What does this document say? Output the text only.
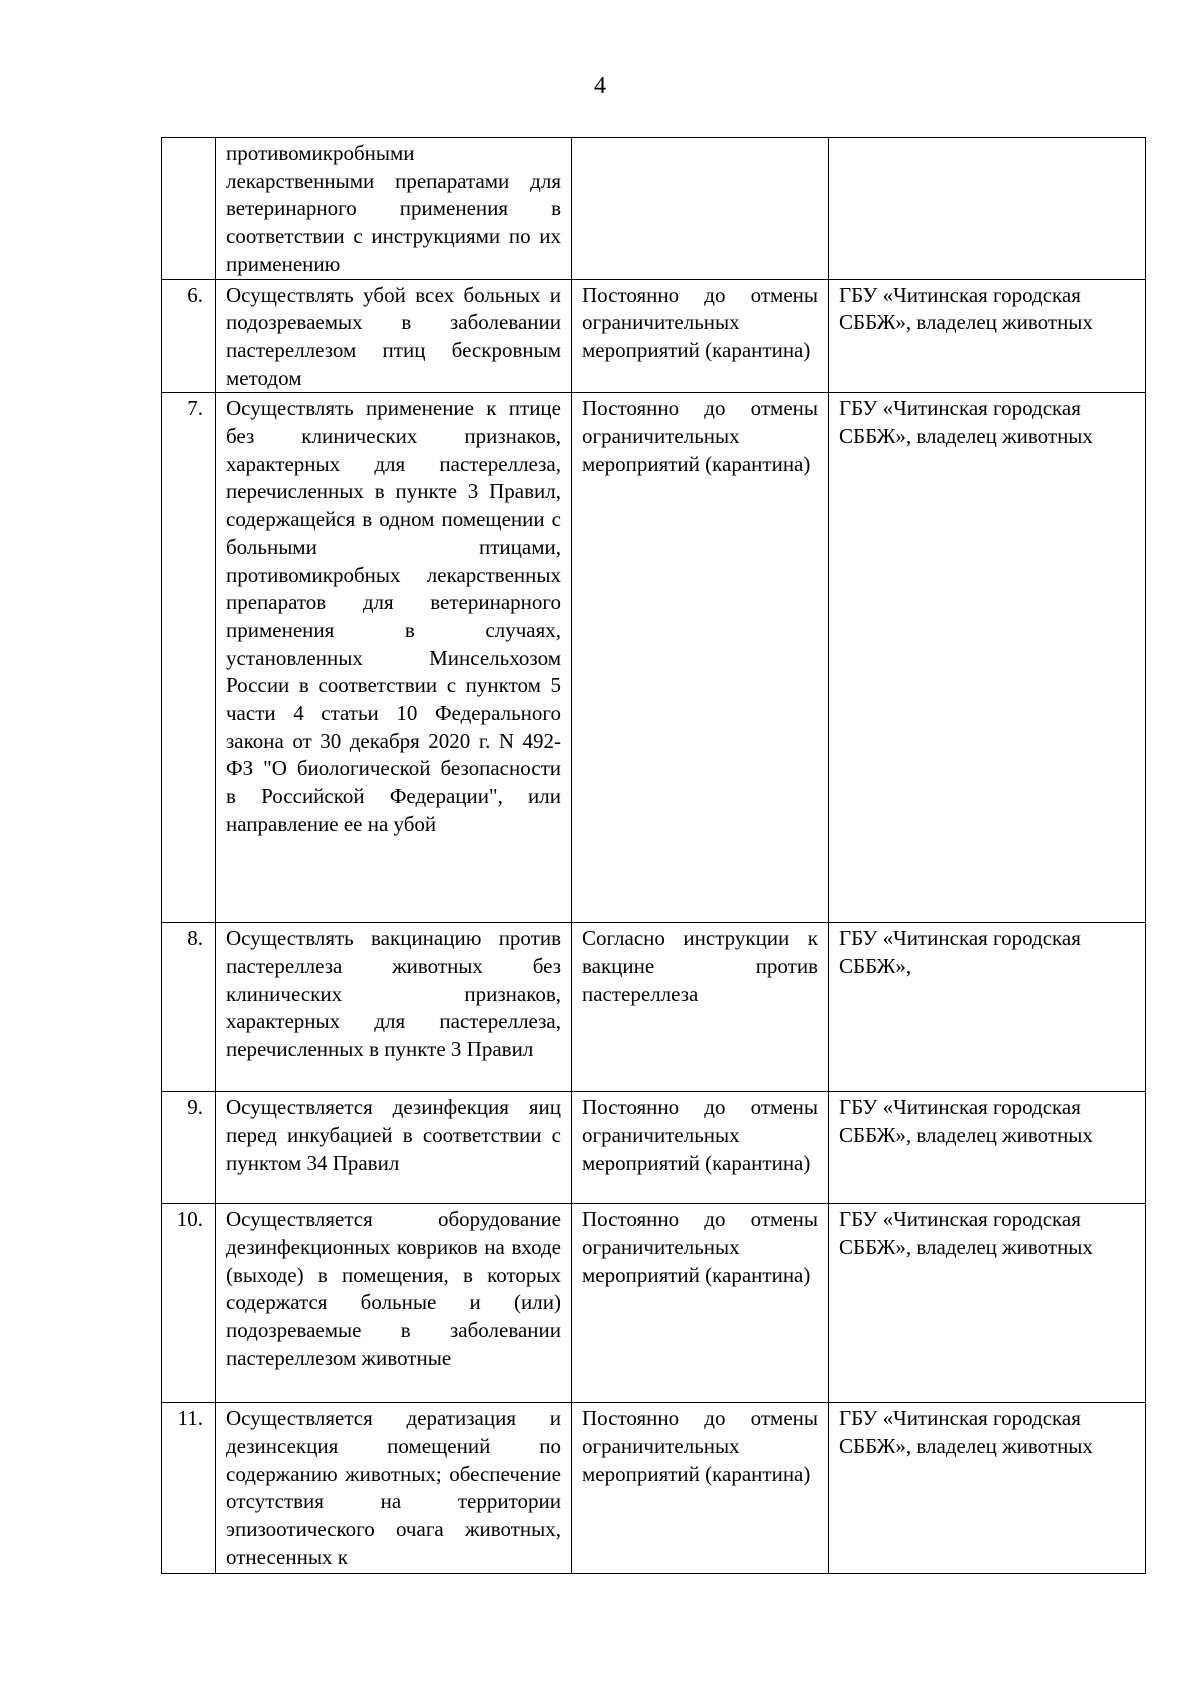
4
	противомикробными лекарственными препаратами для ветеринарного применения в соответствии с инструкциями по их применению		
6.	Осуществлять убой всех больных и подозреваемых в заболевании пастереллезом птиц бескровным методом	Постоянно до отмены ограничительных мероприятий (карантина)	ГБУ «Читинская городская СББЖ», владелец животных
7.	Осуществлять применение к птице без клинических признаков, характерных для пастереллеза, перечисленных в пункте 3 Правил, содержащейся в одном помещении с больными птицами, противомикробных лекарственных препаратов для ветеринарного применения в случаях, установленных Минсельхозом России в соответствии с пунктом 5 части 4 статьи 10 Федерального закона от 30 декабря 2020 г. N 492-ФЗ "О биологической безопасности в Российской Федерации", или направление ее на убой	Постоянно до отмены ограничительных мероприятий (карантина)	ГБУ «Читинская городская СББЖ», владелец животных
8.	Осуществлять вакцинацию против пастереллеза животных без клинических признаков, характерных для пастереллеза, перечисленных в пункте 3 Правил	Согласно инструкции к вакцине против пастереллеза	ГБУ «Читинская городская СББЖ»,
9.	Осуществляется дезинфекция яиц перед инкубацией в соответствии с пунктом 34 Правил	Постоянно до отмены ограничительных мероприятий (карантина)	ГБУ «Читинская городская СББЖ», владелец животных
10.	Осуществляется оборудование дезинфекционных ковриков на входе (выходе) в помещения, в которых содержатся больные и (или) подозреваемые в заболевании пастереллезом животные	Постоянно до отмены ограничительных мероприятий (карантина)	ГБУ «Читинская городская СББЖ», владелец животных
11.	Осуществляется дератизация и дезинсекция помещений по содержанию животных; обеспечение отсутствия на территории эпизоотического очага животных, отнесенных к	Постоянно до отмены ограничительных мероприятий (карантина)	ГБУ «Читинская городская СББЖ», владелец животных
